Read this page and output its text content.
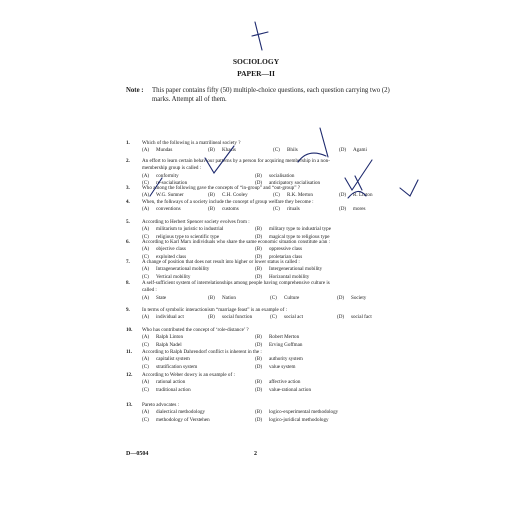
SOCIOLOGY
PAPER—II
Note : This paper contains fifty (50) multiple-choice questions, each question carrying two (2) marks. Attempt all of them.
1. Which of the following is a matrilineal society ?
(A) Mundas	(B) Khasis	(C) Bhils	(D) Agami
2. An effort to learn certain behaviour patterns by a person for acquiring membership in a non-
membership group is called :
(A) conformity	(B) socialisation
(C) re-socialisation	(D) anticipatory socialisation
3. Who among the following gave the concepts of “in-group” and “out-group” ?
(A) W.G. Sumner	(B) C.H. Cooley	(C) R.K. Merton	(D) R. Linton
4. When, the folkways of a society include the concept of group welfare they become :
(A) conventions	(B) customs	(C) rituals	(D) mores
5. According to Herbert Spencer society evolves from :
(A) militarism to juristic to industrial	(B) military type to industrial type
(C) religious type to scientific type	(D) magical type to religious type
6. According to Karl Marx individuals who share the same economic situation constitute a/an :
(A) objective class	(B) oppressive class
(C) exploited class	(D) proletarian class
7. A change of position that does not result into higher or lower status is called :
(A) Intragenerational mobility	(B) Intergenerational mobility
(C) Vertical mobility	(D) Horizontal mobility
8. A self-sufficient system of interrelationships among people having comprehensive culture is
called :
(A) State	(B) Nation	(C) Culture	(D) Society
9. In terms of symbolic interactionism “marriage feast” is an example of :
(A) individual act	(B) social function	(C) social act	(D) social fact
10. Who has contributed the concept of ‘role-distance’ ?
(A) Ralph Linton	(B) Robert Merton
(C) Ralph Nadel	(D) Erving Goffman
11. According to Ralph Dahrendorf conflict is inherent in the :
(A) capitalist system	(B) authority system
(C) stratification system	(D) value system
12. According to Weber dowry is an example of :
(A) rational action	(B) affective action
(C) traditional action	(D) value-rational action
13. Pareto advocates :
(A) dialectical methodology	(B) logico-experimental methodology
(C) methodology of Verstehen	(D) logico-juridical methodology
D—0504	2
